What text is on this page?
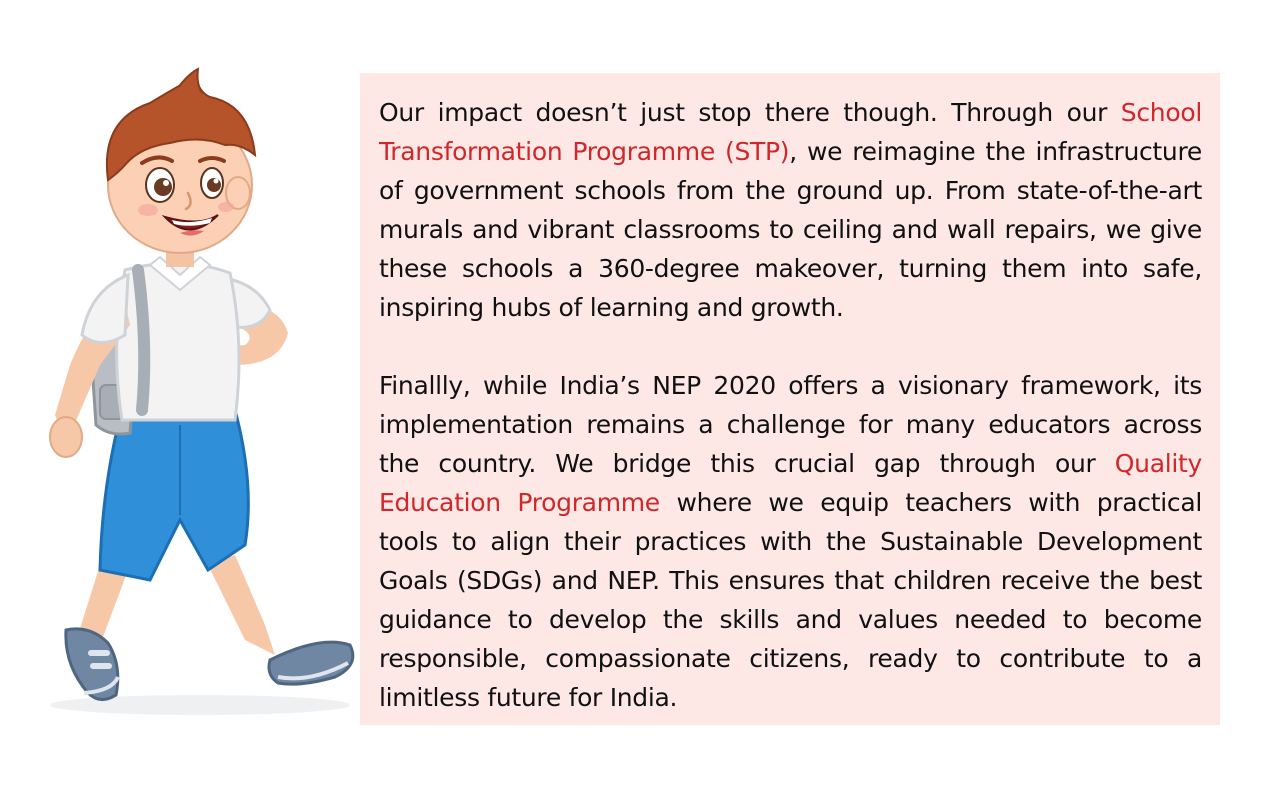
Our impact doesn’t just stop there though. Through our School Transformation Programme (STP), we reimagine the infrastructure of government schools from the ground up. From state-of-the-art murals and vibrant classrooms to ceiling and wall repairs, we give these schools a 360-degree makeover, turning them into safe, inspiring hubs of learning and growth.

Finallly, while India’s NEP 2020 offers a visionary framework, its implementation remains a challenge for many educators across the country. We bridge this crucial gap through our Quality Education Programme where we equip teachers with practical tools to align their practices with the Sustainable Development Goals (SDGs) and NEP. This ensures that children receive the best guidance to develop the skills and values needed to become responsible, compassionate citizens, ready to contribute to a limitless future for India.
